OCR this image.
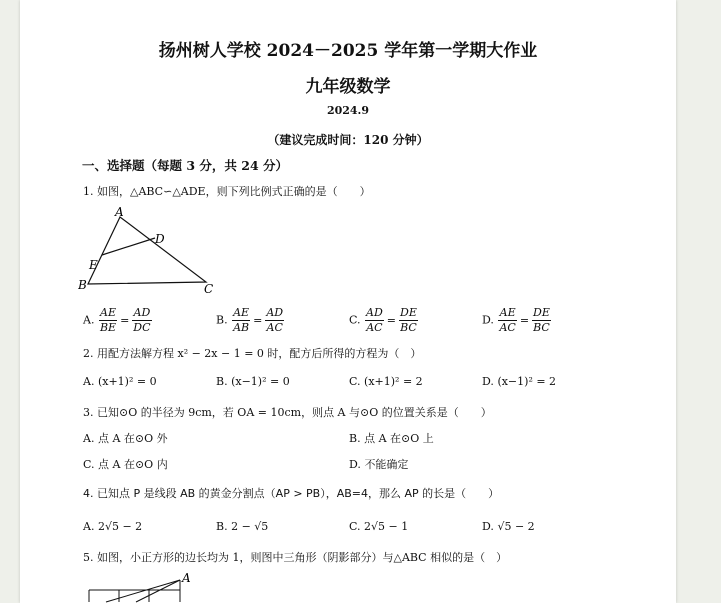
扬州树人学校 2024－2025 学年第一学期大作业
九年级数学
2024.9
（建议完成时间：120 分钟）
一、选择题（每题 3 分，共 24 分）
1. 如图，△ABC∽△ADE，则下列比例式正确的是（　　）
A
B	C
D
E
A. $\frac{AE}{BE} = \frac{AD}{DC}$	B. $\frac{AE}{AB} = \frac{AD}{AC}$	C. $\frac{AD}{AC} = \frac{DE}{BC}$	D. $\frac{AE}{AC} = \frac{DE}{BC}$
2. 用配方法解方程 x² − 2x − 1 = 0 时，配方后所得的方程为（　）
A. (x+1)² = 0	B. (x−1)² = 0	C. (x+1)² = 2	D. (x−1)² = 2
3. 已知⊙O 的半径为 9cm，若 OA = 10cm，则点 A 与⊙O 的位置关系是（　　）
A. 点 A 在⊙O 外	B. 点 A 在⊙O 上
C. 点 A 在⊙O 内	D. 不能确定
4. 已知点 P 是线段 AB 的黄金分割点（AP > PB），AB=4，那么 AP 的长是（　　）
A. 2√5 − 2	B. 2 − √5	C. 2√5 − 1	D. √5 − 2
5. 如图，小正方形的边长均为 1，则图中三角形（阴影部分）与△ABC 相似的是（　）
A
